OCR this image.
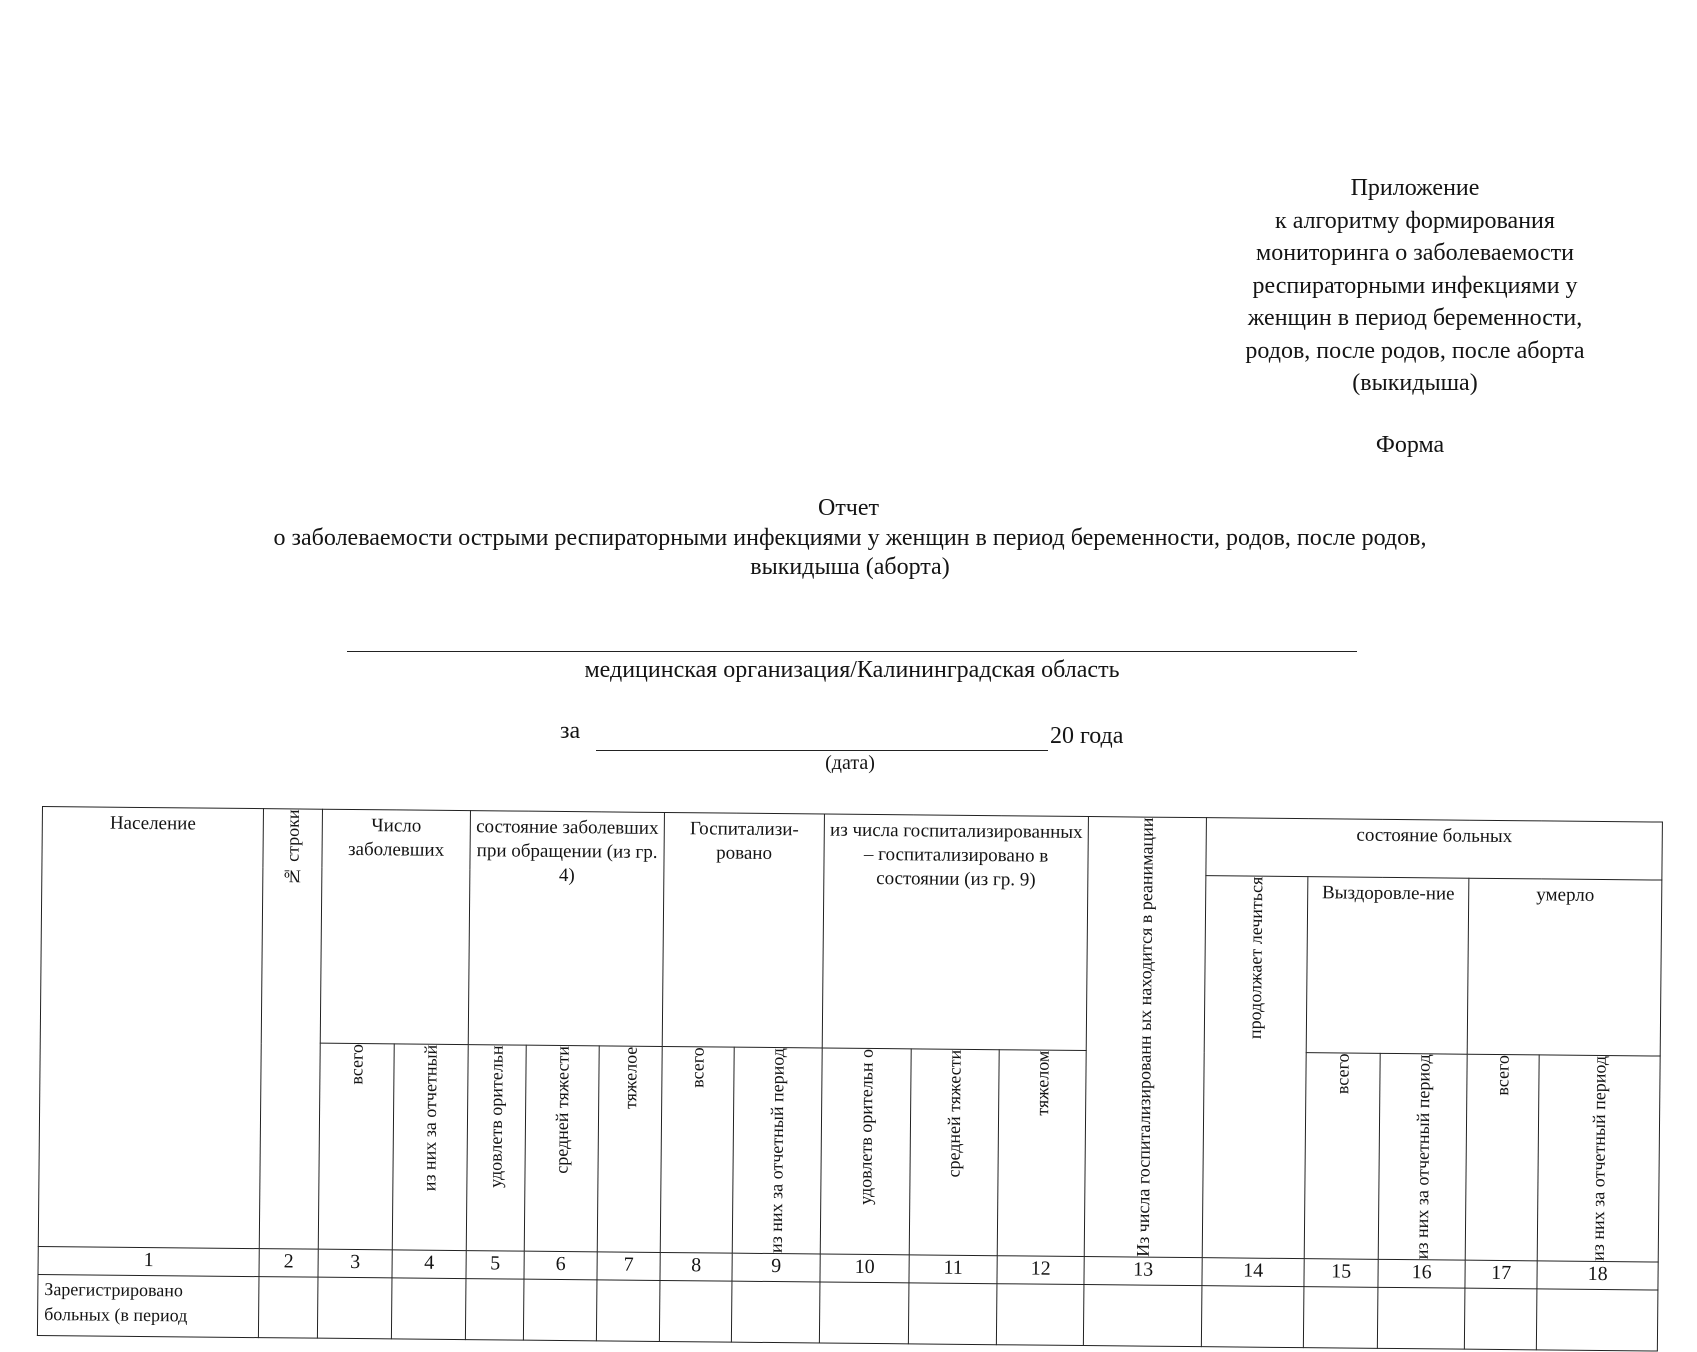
Приложение
к алгоритму формирования
мониторинга о заболеваемости
респираторными инфекциями у
женщин в период беременности,
родов, после родов, после аборта
(выкидыша)
Форма
Отчет
о заболеваемости острыми респираторными инфекциями у женщин в период беременности, родов, после родов,
выкидыша (аборта)
медицинская организация/Калининградская область
за	20 года
(дата)
Население	№ строки	Число заболевших		состояние заболевших при обращении (из гр. 4)			Госпитализи-рованo		из числа госпитализированных – госпитализировано в состоянии (из гр. 9)			Из числа госпитализированн ых находится в реанимации	состояние больных				

													продолжает лечиться	Выздоровле-ние		умерло	

		всего	из них за отчетный	удовлетв орительн	средней тяжести	тяжелое	всего	из них за отчетный период	удовлетв орительн о	средней тяжести	тяжелом			всего	из них за отчетный период	всего	из них за отчетный период

1	2	3	4	5	6	7	8	9	10	11	12	13	14	15	16	17	18
Зарегистрировано больных (в период																	
